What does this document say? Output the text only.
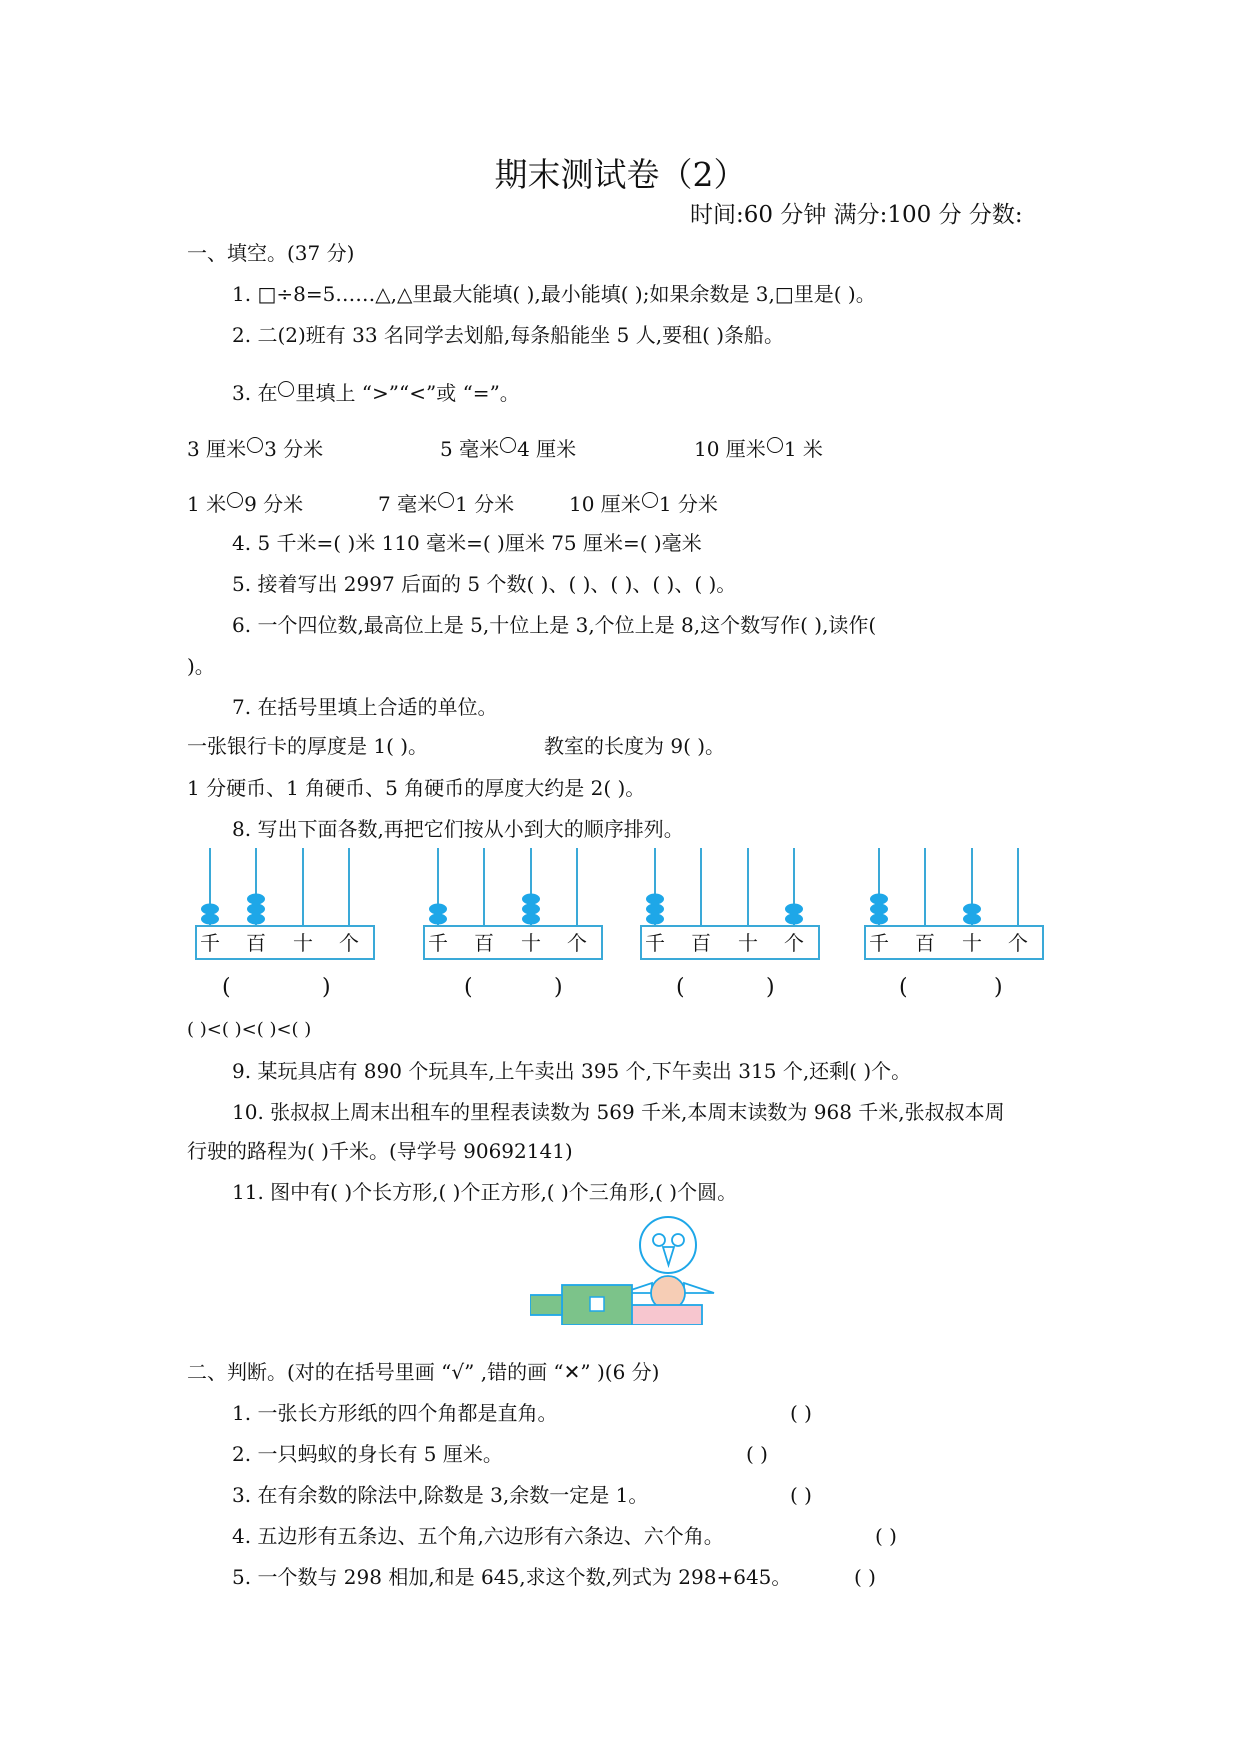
期末测试卷（2）
时间:60 分钟 满分:100 分 分数:
一、填空。(37 分)
1. □÷8=5……△,△里最大能填( ),最小能填( );如果余数是 3,□里是( )。
2. 二(2)班有 33 名同学去划船,每条船能坐 5 人,要租( )条船。
3. 在 里填上 “>”“<”或 “=”。
3 厘米 3 分米	5 毫米 4 厘米	10 厘米 1 米
1 米 9 分米	7 毫米 1 分米	10 厘米 1 分米
4. 5 千米=( )米 110 毫米=( )厘米 75 厘米=( )毫米
5. 接着写出 2997 后面的 5 个数( )、( )、( )、( )、( )。
6. 一个四位数,最高位上是 5,十位上是 3,个位上是 8,这个数写作( ),读作(
)。
7. 在括号里填上合适的单位。
一张银行卡的厚度是 1( )。	教室的长度为 9( )。
1 分硬币、1 角硬币、5 角硬币的厚度大约是 2( )。
8. 写出下面各数,再把它们按从小到大的顺序排列。
千 百 十 个	千 百 十 个	千 百 十 个	千 百 十 个
(	)	(	)	(	)	(	)
( )<( )<( )<( )
9. 某玩具店有 890 个玩具车,上午卖出 395 个,下午卖出 315 个,还剩( )个。
10. 张叔叔上周末出租车的里程表读数为 569 千米,本周末读数为 968 千米,张叔叔本周
行驶的路程为( )千米。(导学号 90692141)
11. 图中有( )个长方形,( )个正方形,( )个三角形,( )个圆。
二、判断。(对的在括号里画 “√” ,错的画 “✕” )(6 分)
1. 一张长方形纸的四个角都是直角。	( )
2. 一只蚂蚁的身长有 5 厘米。	( )
3. 在有余数的除法中,除数是 3,余数一定是 1。	( )
4. 五边形有五条边、五个角,六边形有六条边、六个角。	( )
5. 一个数与 298 相加,和是 645,求这个数,列式为 298+645。	( )
